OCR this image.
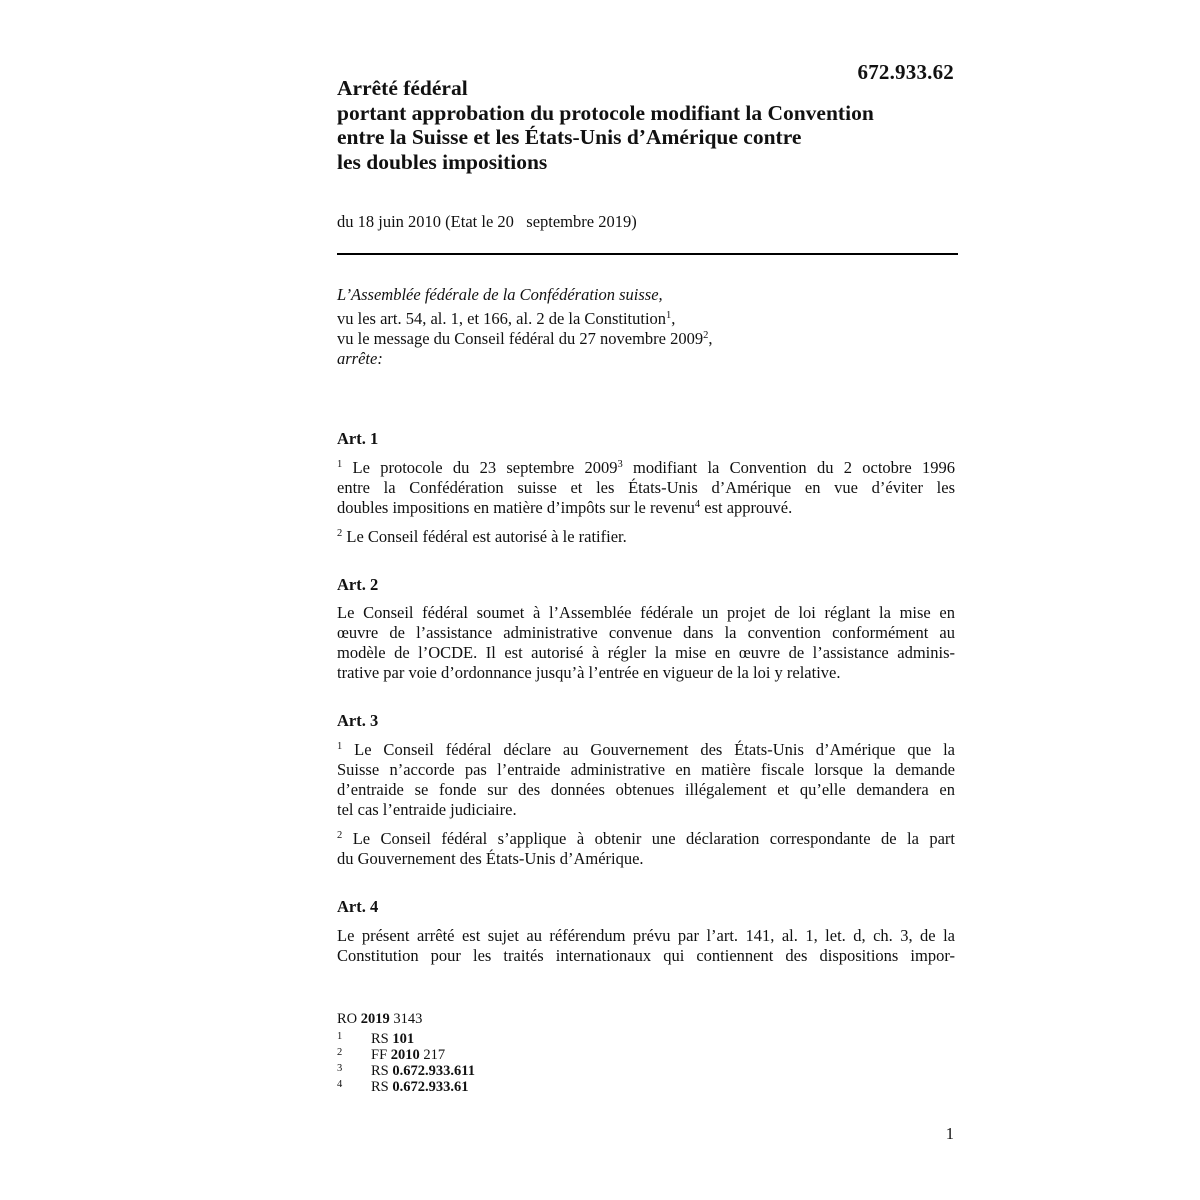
672.933.62
Arrêté fédéral
portant approbation du protocole modifiant la Convention
entre la Suisse et les États-Unis d’Amérique contre
les doubles impositions
du 18 juin 2010 (Etat le 20   septembre 2019)
L’Assemblée fédérale de la Confédération suisse,
vu les art. 54, al. 1, et 166, al. 2 de la Constitution$^1$,
vu le message du Conseil fédéral du 27 novembre 2009$^2$,
arrête:
Art. 1
$^1$ Le protocole du 23 septembre 2009$^3$ modifiant la Convention du 2 octobre 1996
entre la Confédération suisse et les États-Unis d’Amérique en vue d’éviter les
doubles impositions en matière d’impôts sur le revenu$^4$ est approuvé.
$^2$ Le Conseil fédéral est autorisé à le ratifier.
Art. 2
Le Conseil fédéral soumet à l’Assemblée fédérale un projet de loi réglant la mise en
œuvre de l’assistance administrative convenue dans la convention conformément au
modèle de l’OCDE. Il est autorisé à régler la mise en œuvre de l’assistance adminis-
trative par voie d’ordonnance jusqu’à l’entrée en vigueur de la loi y relative.
Art. 3
$^1$ Le Conseil fédéral déclare au Gouvernement des États-Unis d’Amérique que la
Suisse n’accorde pas l’entraide administrative en matière fiscale lorsque la demande
d’entraide se fonde sur des données obtenues illégalement et qu’elle demandera en
tel cas l’entraide judiciaire.
$^2$ Le Conseil fédéral s’applique à obtenir une déclaration correspondante de la part
du Gouvernement des États-Unis d’Amérique.
Art. 4
Le présent arrêté est sujet au référendum prévu par l’art. 141, al. 1, let. d, ch. 3, de la
Constitution pour les traités internationaux qui contiennent des dispositions impor-
RO 2019 3143
1	RS 101
2	FF 2010 217
3	RS 0.672.933.611
4	RS 0.672.933.61
1
